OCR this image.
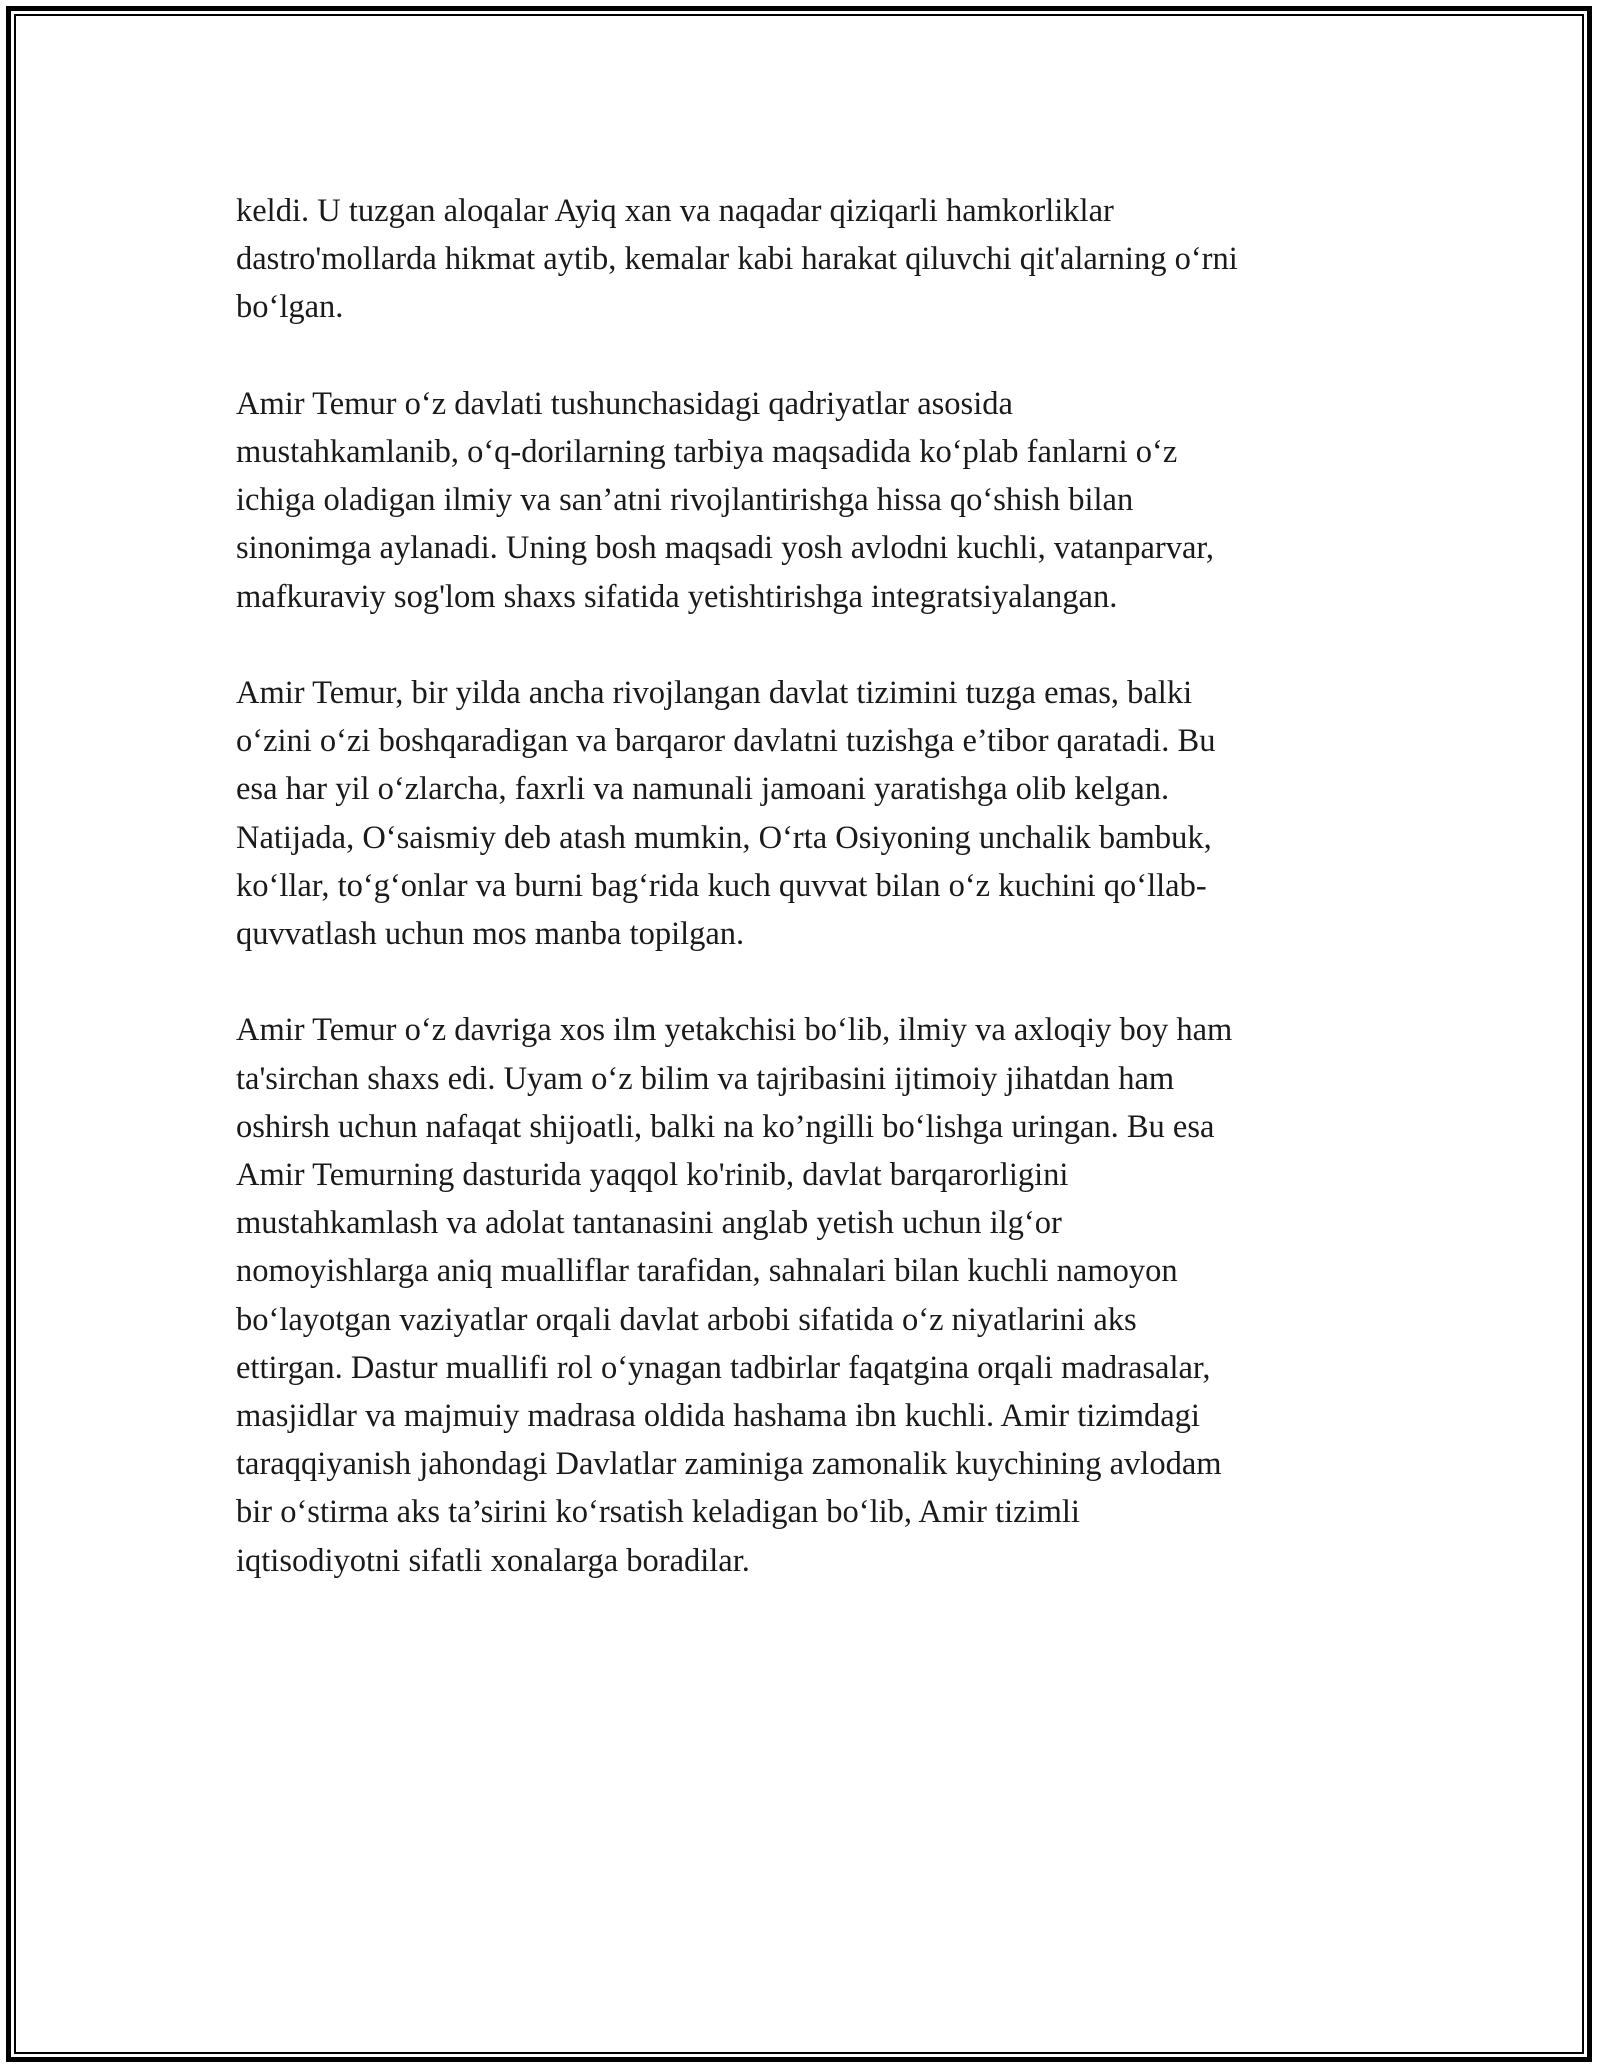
keldi. U tuzgan aloqalar Ayiq xan va naqadar qiziqarli hamkorliklar
dastro'mollarda hikmat aytib, kemalar kabi harakat qiluvchi qit'alarning o‘rni
bo‘lgan.

Amir Temur o‘z davlati tushunchasidagi qadriyatlar asosida
mustahkamlanib, o‘q-dorilarning tarbiya maqsadida ko‘plab fanlarni o‘z
ichiga oladigan ilmiy va san’atni rivojlantirishga hissa qo‘shish bilan
sinonimga aylanadi. Uning bosh maqsadi yosh avlodni kuchli, vatanparvar,
mafkuraviy sog'lom shaxs sifatida yetishtirishga integratsiyalangan.

Amir Temur, bir yilda ancha rivojlangan davlat tizimini tuzga emas, balki
o‘zini o‘zi boshqaradigan va barqaror davlatni tuzishga e’tibor qaratadi. Bu
esa har yil o‘zlarcha, faxrli va namunali jamoani yaratishga olib kelgan.
Natijada, O‘saismiy deb atash mumkin, O‘rta Osiyoning unchalik bambuk,
ko‘llar, to‘g‘onlar va burni bag‘rida kuch quvvat bilan o‘z kuchini qo‘llab-
quvvatlash uchun mos manba topilgan.

Amir Temur o‘z davriga xos ilm yetakchisi bo‘lib, ilmiy va axloqiy boy ham
ta'sirchan shaxs edi. Uyam o‘z bilim va tajribasini ijtimoiy jihatdan ham
oshirsh uchun nafaqat shijoatli, balki na ko’ngilli bo‘lishga uringan. Bu esa
Amir Temurning dasturida yaqqol ko'rinib, davlat barqarorligini
mustahkamlash va adolat tantanasini anglab yetish uchun ilg‘or
nomoyishlarga aniq mualliflar tarafidan, sahnalari bilan kuchli namoyon
bo‘layotgan vaziyatlar orqali davlat arbobi sifatida o‘z niyatlarini aks
ettirgan. Dastur muallifi rol o‘ynagan tadbirlar faqatgina orqali madrasalar,
masjidlar va majmuiy madrasa oldida hashama ibn kuchli. Amir tizimdagi
taraqqiyanish jahondagi Davlatlar zaminiga zamonalik kuychining avlodam
bir o‘stirma aks ta’sirini ko‘rsatish keladigan bo‘lib, Amir tizimli
iqtisodiyotni sifatli xonalarga boradilar.
